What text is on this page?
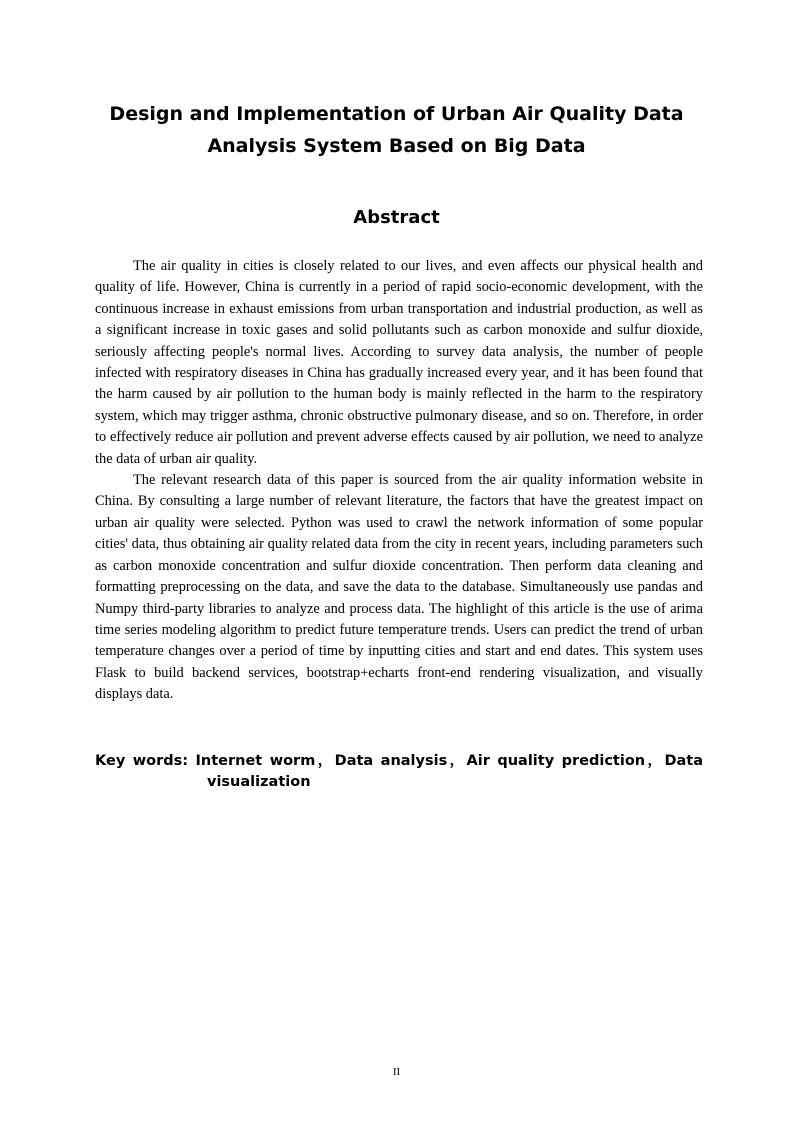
Design and Implementation of Urban Air Quality Data
Analysis System Based on Big Data
Abstract

The air quality in cities is closely related to our lives, and even affects our physical health and quality of life. However, China is currently in a period of rapid socio-economic development, with the continuous increase in exhaust emissions from urban transportation and industrial production, as well as a significant increase in toxic gases and solid pollutants such as carbon monoxide and sulfur dioxide, seriously affecting people's normal lives. According to survey data analysis, the number of people infected with respiratory diseases in China has gradually increased every year, and it has been found that the harm caused by air pollution to the human body is mainly reflected in the harm to the respiratory system, which may trigger asthma, chronic obstructive pulmonary disease, and so on. Therefore, in order to effectively reduce air pollution and prevent adverse effects caused by air pollution, we need to analyze the data of urban air quality.

The relevant research data of this paper is sourced from the air quality information website in China. By consulting a large number of relevant literature, the factors that have the greatest impact on urban air quality were selected. Python was used to crawl the network information of some popular cities' data, thus obtaining air quality related data from the city in recent years, including parameters such as carbon monoxide concentration and sulfur dioxide concentration. Then perform data cleaning and formatting preprocessing on the data, and save the data to the database. Simultaneously use pandas and Numpy third-party libraries to analyze and process data. The highlight of this article is the use of arima time series modeling algorithm to predict future temperature trends. Users can predict the trend of urban temperature changes over a period of time by inputting cities and start and end dates. This system uses Flask to build backend services, bootstrap+echarts front-end rendering visualization, and visually displays data.

Key words: Internet worm，Data analysis，Air quality prediction，Data visualization
II
